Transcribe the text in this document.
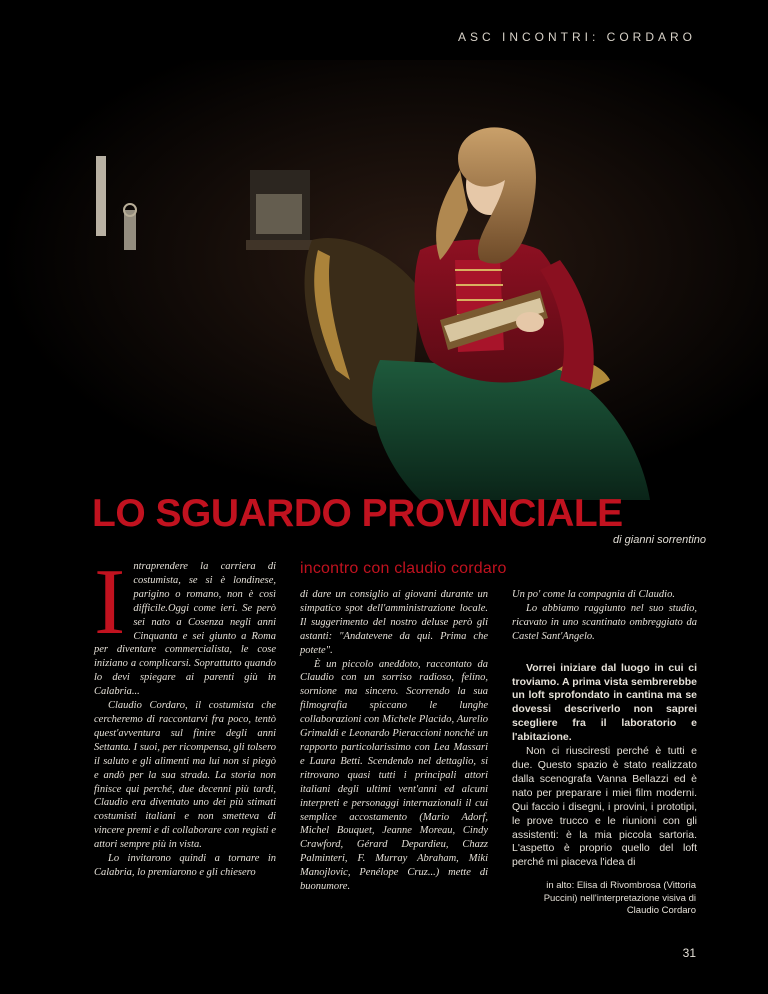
ASC INCONTRI: CORDARO
LO SGUARDO PROVINCIALE
di gianni sorrentino
incontro con claudio cordaro
I ntraprendere la carriera di costumista, se si è londinese, parigino o romano, non è così difficile.Oggi come ieri. Se però sei nato a Cosenza negli anni Cinquanta e sei giunto a Roma per diventare commercialista, le cose iniziano a complicarsi. Soprattutto quando lo devi spiegare ai parenti giù in Calabria...

Claudio Cordaro, il costumista che cercheremo di raccontarvi fra poco, tentò quest'avventura sul finire degli anni Settanta. I suoi, per ricompensa, gli tolsero il saluto e gli alimenti ma lui non si piegò e andò per la sua strada. La storia non finisce qui perché, due decenni più tardi, Claudio era diventato uno dei più stimati costumisti italiani e non smetteva di vincere premi e di collaborare con registi e attori sempre più in vista.

Lo invitarono quindi a tornare in Calabria, lo premiarono e gli chiesero

di dare un consiglio ai giovani durante un simpatico spot dell'amministrazione locale. Il suggerimento del nostro deluse però gli astanti: "Andatevene da qui. Prima che potete".

È un piccolo aneddoto, raccontato da Claudio con un sorriso radioso, felino, sornione ma sincero. Scorrendo la sua filmografia spiccano le lunghe collaborazioni con Michele Placido, Aurelio Grimaldi e Leonardo Pieraccioni nonché un rapporto particolarissimo con Lea Massari e Laura Betti. Scendendo nel dettaglio, si ritrovano quasi tutti i principali attori italiani degli ultimi vent'anni ed alcuni interpreti e personaggi internazionali il cui semplice accostamento (Mario Adorf, Michel Bouquet, Jeanne Moreau, Cindy Crawford, Gérard Depardieu, Chazz Palminteri, F. Murray Abraham, Miki Manojlovic, Penélope Cruz...) mette di buonumore.

Un po' come la compagnia di Claudio.

Lo abbiamo raggiunto nel suo studio, ricavato in uno scantinato ombreggiato da Castel Sant'Angelo.

Vorrei iniziare dal luogo in cui ci troviamo. A prima vista sembrerebbe un loft sprofondato in cantina ma se dovessi descriverlo non saprei scegliere fra il laboratorio e l'abitazione.

Non ci riusciresti perché è tutti e due. Questo spazio è stato realizzato dalla scenografa Vanna Bellazzi ed è nato per preparare i miei film moderni. Qui faccio i disegni, i provini, i prototipi, le prove trucco e le riunioni con gli assistenti: è la mia piccola sartoria. L'aspetto è proprio quello del loft perché mi piaceva l'idea di

in alto: Elisa di Rivombrosa (Vittoria Puccini) nell'interpretazione visiva di Claudio Cordaro
31
